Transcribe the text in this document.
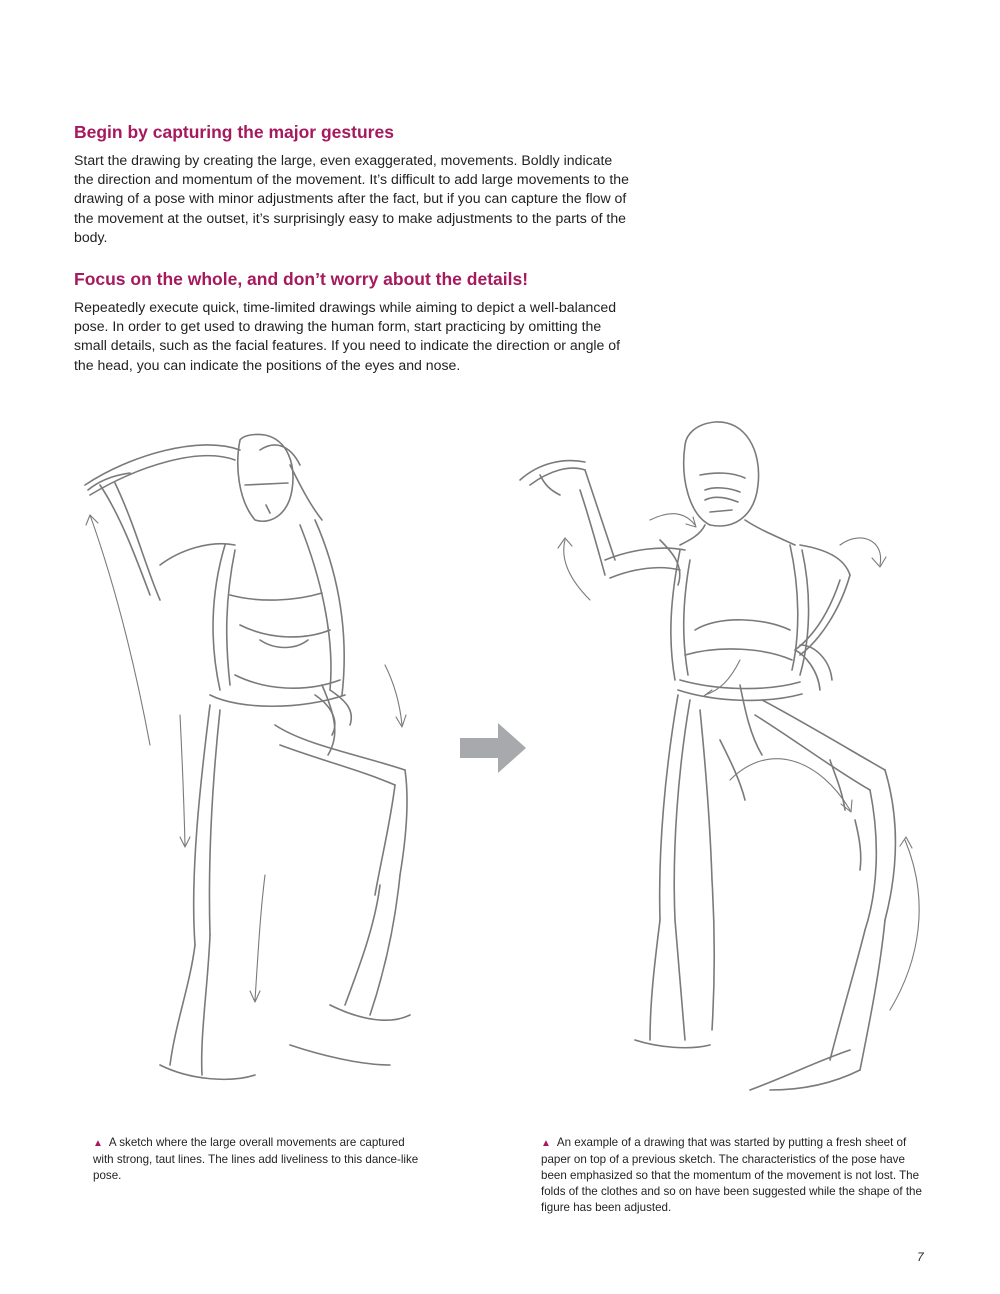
Begin by capturing the major gestures

Start the drawing by creating the large, even exaggerated, movements. Boldly indicate the direction and momentum of the movement. It’s difficult to add large movements to the drawing of a pose with minor adjustments after the fact, but if you can capture the flow of the movement at the outset, it’s surprisingly easy to make adjustments to the parts of the body.

Focus on the whole, and don’t worry about the details!

Repeatedly execute quick, time-limited drawings while aiming to depict a well-balanced pose. In order to get used to drawing the human form, start practicing by omitting the small details, such as the facial features. If you need to indicate the direction or angle of the head, you can indicate the positions of the eyes and nose.

▲ A sketch where the large overall movements are captured with strong, taut lines. The lines add liveliness to this dance-like pose.
▲ An example of a drawing that was started by putting a fresh sheet of paper on top of a previous sketch. The characteristics of the pose have been emphasized so that the momentum of the movement is not lost. The folds of the clothes and so on have been suggested while the shape of the figure has been adjusted.
7
